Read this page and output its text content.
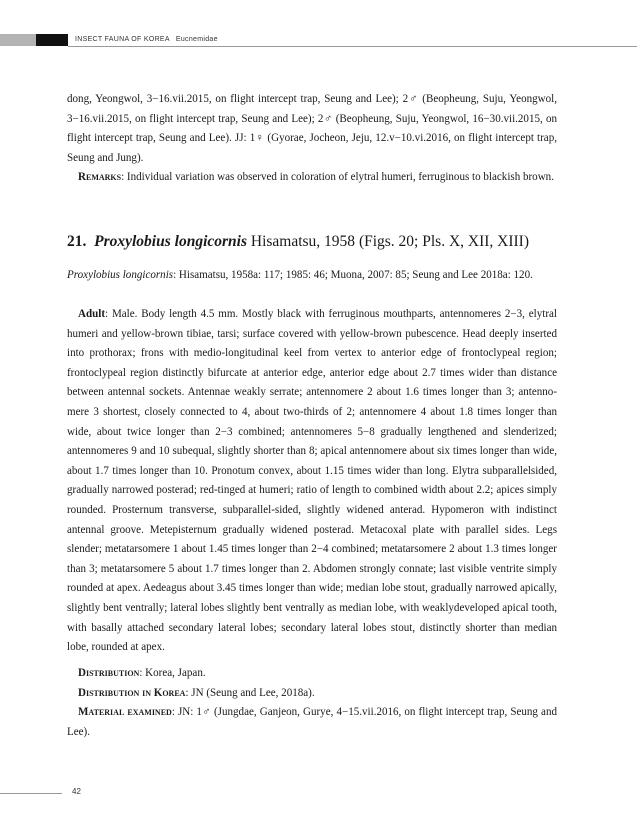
INSECT FAUNA OF KOREA Eucnemidae

dong, Yeongwol, 3−16.vii.2015, on flight intercept trap, Seung and Lee); 2♂ (Beopheung, Suju, Yeongwol, 3−16.vii.2015, on flight intercept trap, Seung and Lee); 2♂ (Beopheung, Suju, Yeongwol, 16−30.vii.2015, on flight intercept trap, Seung and Lee). JJ: 1♀ (Gyorae, Jocheon, Jeju, 12.v−10.vi.2016, on flight intercept trap, Seung and Jung).

Remarks: Individual variation was observed in coloration of elytral humeri, ferruginous to blackish brown.

21. Proxylobius longicornis Hisamatsu, 1958 (Figs. 20; Pls. X, XII, XIII)
Proxylobius longicornis: Hisamatsu, 1958a: 117; 1985: 46; Muona, 2007: 85; Seung and Lee 2018a: 120.

Adult: Male. Body length 4.5 mm. Mostly black with ferruginous mouthparts, antennomeres 2−3, elytral humeri and yellow-brown tibiae, tarsi; surface covered with yellow-brown pubescence. Head deeply inserted into prothorax; frons with medio-longitudinal keel from vertex to anterior edge of frontoclypeal region; frontoclypeal region distinctly bifurcate at anterior edge, anterior edge about 2.7 times wider than distance between antennal sockets. Antennae weakly serrate; antennomere 2 about 1.6 times longer than 3; antennomere 3 shortest, closely connected to 4, about two-thirds of 2; antennomere 4 about 1.8 times longer than wide, about twice longer than 2−3 combined; antennomeres 5−8 gradually lengthened and slenderized; antennomeres 9 and 10 subequal, slightly shorter than 8; apical antennomere about six times longer than wide, about 1.7 times longer than 10. Pronotum convex, about 1.15 times wider than long. Elytra subparallelsided, gradually narrowed posterad; red-tinged at humeri; ratio of length to combined width about 2.2; apices simply rounded. Prosternum transverse, subparallel-sided, slightly widened anterad. Hypomeron with indistinct antennal groove. Metepisternum gradually widened posterad. Metacoxal plate with parallel sides. Legs slender; metatarsomere 1 about 1.45 times longer than 2−4 combined; metatarsomere 2 about 1.3 times longer than 3; metatarsomere 5 about 1.7 times longer than 2. Abdomen strongly connate; last visible ventrite simply rounded at apex. Aedeagus about 3.45 times longer than wide; median lobe stout, gradually narrowed apically, slightly bent ventrally; lateral lobes slightly bent ventrally as median lobe, with weaklydeveloped apical tooth, with basally attached secondary lateral lobes; secondary lateral lobes stout, distinctly shorter than median lobe, rounded at apex.

Distribution: Korea, Japan.

Distribution in Korea: JN (Seung and Lee, 2018a).

Material examined: JN: 1♂ (Jungdae, Ganjeon, Gurye, 4−15.vii.2016, on flight intercept trap, Seung and Lee).

42
